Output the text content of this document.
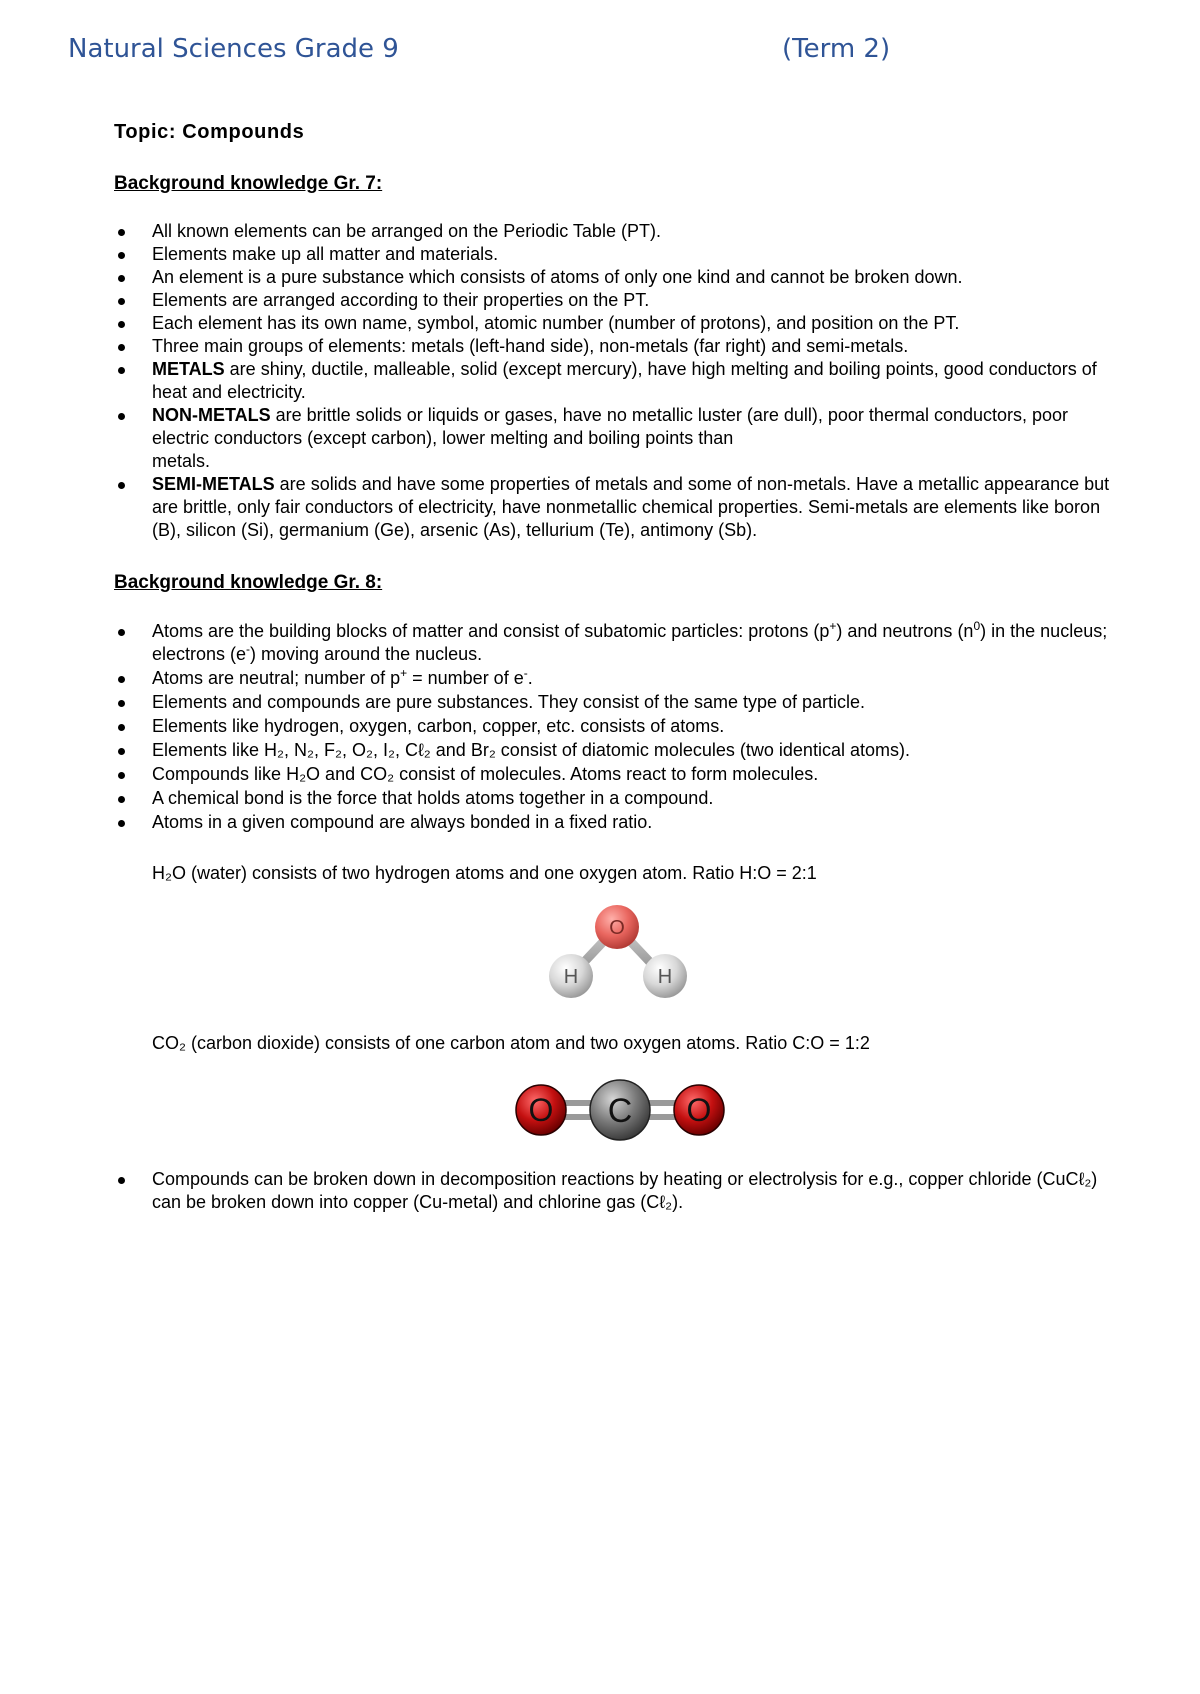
Natural Sciences Grade 9	(Term 2)
Topic: Compounds
Background knowledge Gr. 7:
All known elements can be arranged on the Periodic Table (PT).
Elements make up all matter and materials.
An element is a pure substance which consists of atoms of only one kind and cannot be broken down.
Elements are arranged according to their properties on the PT.
Each element has its own name, symbol, atomic number (number of protons), and position on the PT.
Three main groups of elements: metals (left-hand side), non-metals (far right) and semi-metals.
METALS are shiny, ductile, malleable, solid (except mercury), have high melting and boiling points, good conductors of heat and electricity.
NON-METALS are brittle solids or liquids or gases, have no metallic luster (are dull), poor thermal conductors, poor electric conductors (except carbon), lower melting and boiling points than
metals.
SEMI-METALS are solids and have some properties of metals and some of non-metals. Have a metallic appearance but are brittle, only fair conductors of electricity, have nonmetallic chemical properties. Semi-metals are elements like boron (B), silicon (Si), germanium (Ge), arsenic (As), tellurium (Te), antimony (Sb).
Background knowledge Gr. 8:
Atoms are the building blocks of matter and consist of subatomic particles: protons (p+) and neutrons $(n^0)$ in the nucleus; electrons (e-) moving around the nucleus.
Atoms are neutral; number of p+ = number of e-.
Elements and compounds are pure substances. They consist of the same type of particle.
Elements like hydrogen, oxygen, carbon, copper, etc. consists of atoms.
Elements like H₂, N₂, F₂, O₂, I₂, Cℓ₂ and Br₂ consist of diatomic molecules (two identical atoms).
Compounds like H₂O and CO₂ consist of molecules. Atoms react to form molecules.
A chemical bond is the force that holds atoms together in a compound.
Atoms in a given compound are always bonded in a fixed ratio.
H₂O (water) consists of two hydrogen atoms and one oxygen atom. Ratio H:O = 2:1
O
H	H
CO₂ (carbon dioxide) consists of one carbon atom and two oxygen atoms. Ratio C:O = 1:2
O C O
Compounds can be broken down in decomposition reactions by heating or electrolysis for e.g., copper chloride (CuCℓ₂) can be broken down into copper (Cu-metal) and chlorine gas (Cℓ₂).
